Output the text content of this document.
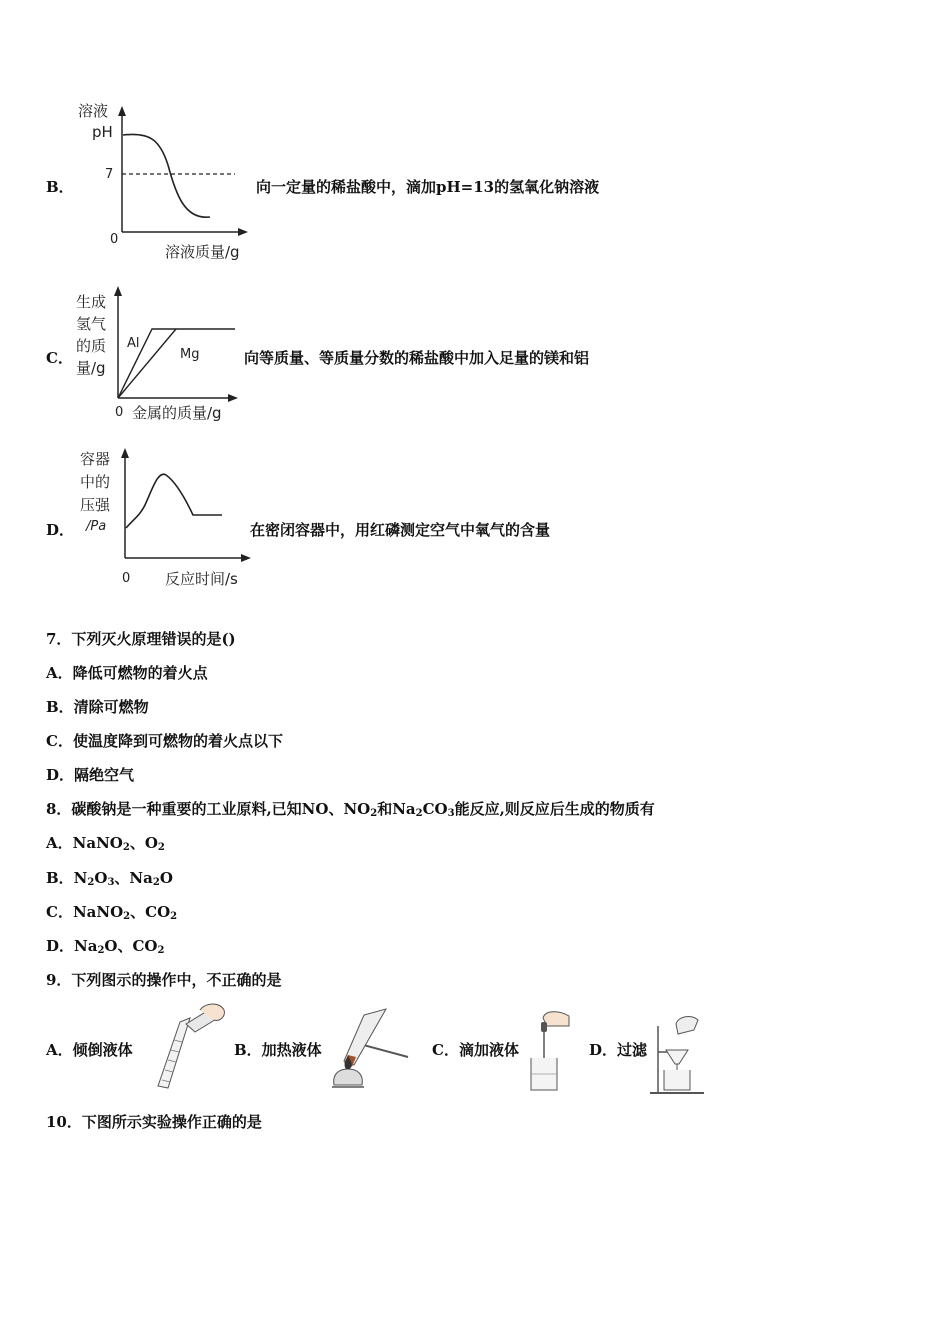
B．
溶液
pH
7
0
溶液质量/g
向一定量的稀盐酸中，滴加pH=13的氢氧化钠溶液
C．
生成
氢气
的质
量/g
Al
Mg
0 金属的质量/g
向等质量、等质量分数的稀盐酸中加入足量的镁和铝
D．
容器
中的
压强
/Pa
0 反应时间/s
在密闭容器中，用红磷测定空气中氧气的含量
7．下列灭火原理错误的是()
A．降低可燃物的着火点
B．清除可燃物
C．使温度降到可燃物的着火点以下
D．隔绝空气
8．碳酸钠是一种重要的工业原料,已知NO、$NO_2$和$Na_2CO_3$能反应,则反应后生成的物质有
A．NaNO$_2$、$O_2$
B．$N_2O_3$、$Na_2O$
C．NaNO$_2$、$CO_2$
D．$Na_2O$、$CO_2$
9．下列图示的操作中，不正确的是
A．倾倒液体	B．加热液体	C．滴加液体	D．过滤
10．下图所示实验操作正确的是
